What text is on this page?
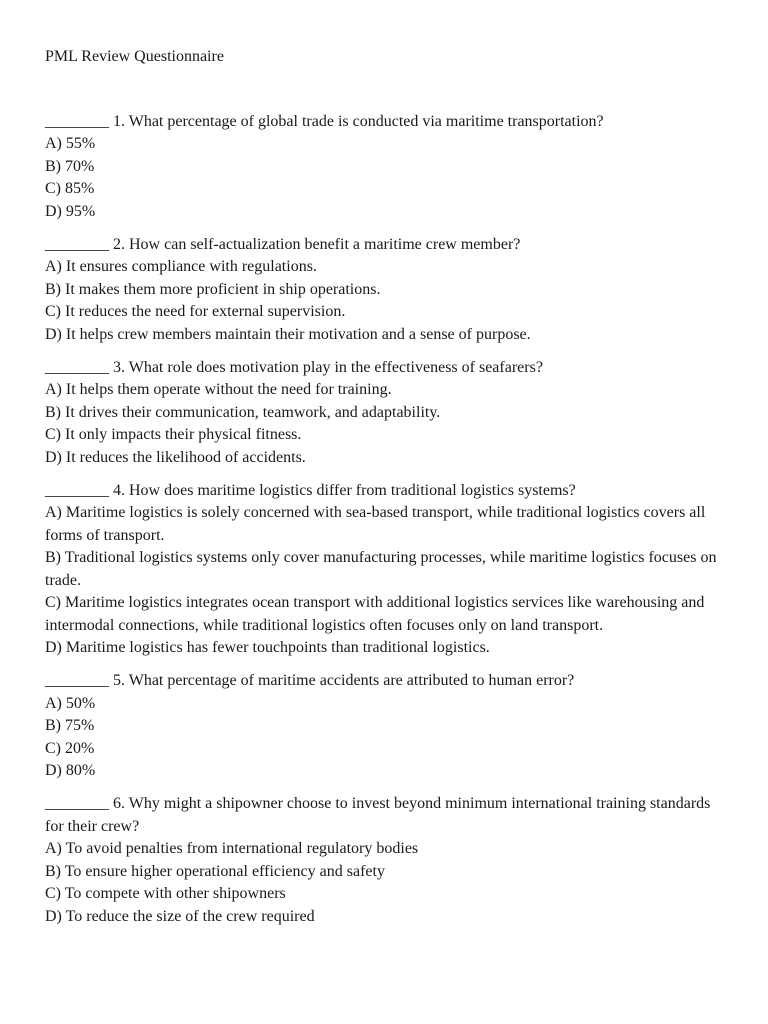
PML Review Questionnaire
________ 1. What percentage of global trade is conducted via maritime transportation?
A) 55%
B) 70%
C) 85%
D) 95%
________ 2. How can self-actualization benefit a maritime crew member?
A) It ensures compliance with regulations.
B) It makes them more proficient in ship operations.
C) It reduces the need for external supervision.
D) It helps crew members maintain their motivation and a sense of purpose.
________ 3. What role does motivation play in the effectiveness of seafarers?
A) It helps them operate without the need for training.
B) It drives their communication, teamwork, and adaptability.
C) It only impacts their physical fitness.
D) It reduces the likelihood of accidents.
________ 4. How does maritime logistics differ from traditional logistics systems?
A) Maritime logistics is solely concerned with sea-based transport, while traditional logistics covers all forms of transport.
B) Traditional logistics systems only cover manufacturing processes, while maritime logistics focuses on trade.
C) Maritime logistics integrates ocean transport with additional logistics services like warehousing and intermodal connections, while traditional logistics often focuses only on land transport.
D) Maritime logistics has fewer touchpoints than traditional logistics.
________ 5. What percentage of maritime accidents are attributed to human error?
A) 50%
B) 75%
C) 20%
D) 80%
________ 6. Why might a shipowner choose to invest beyond minimum international training standards for their crew?
A) To avoid penalties from international regulatory bodies
B) To ensure higher operational efficiency and safety
C) To compete with other shipowners
D) To reduce the size of the crew required
